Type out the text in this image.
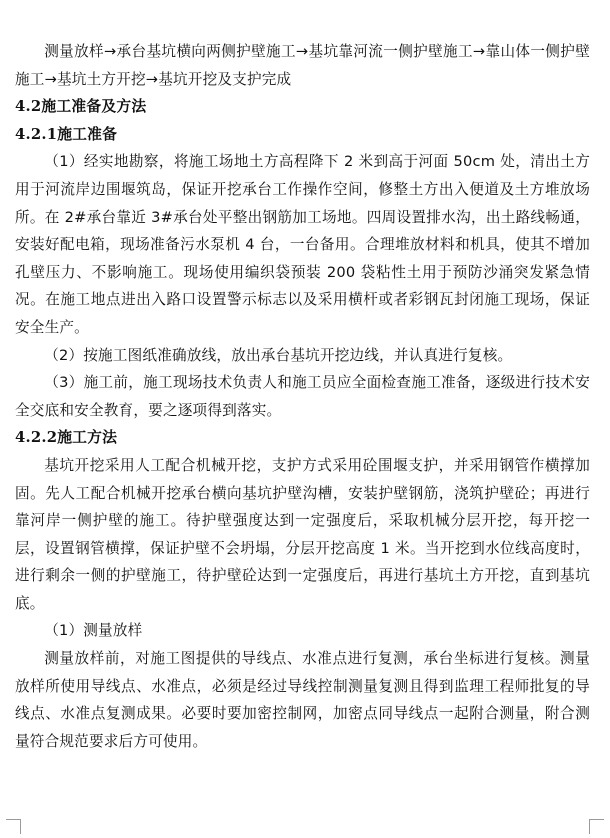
测量放样→承台基坑横向两侧护壁施工→基坑靠河流一侧护壁施工→靠山体一侧护壁施工→基坑土方开挖→基坑开挖及支护完成

4.2施工准备及方法

4.2.1施工准备

（1）经实地勘察，将施工场地土方高程降下 2 米到高于河面 50cm 处，清出土方用于河流岸边围堰筑岛，保证开挖承台工作操作空间，修整土方出入便道及土方堆放场所。在 2#承台靠近 3#承台处平整出钢筋加工场地。四周设置排水沟，出土路线畅通，安装好配电箱，现场准备污水泵机 4 台，一台备用。合理堆放材料和机具，使其不增加孔壁压力、不影响施工。现场使用编织袋预装 200 袋粘性土用于预防沙涌突发紧急情况。在施工地点进出入路口设置警示标志以及采用横杆或者彩钢瓦封闭施工现场，保证安全生产。

（2）按施工图纸准确放线，放出承台基坑开挖边线，并认真进行复核。

（3）施工前，施工现场技术负责人和施工员应全面检查施工准备，逐级进行技术安全交底和安全教育，要之逐项得到落实。

4.2.2施工方法

基坑开挖采用人工配合机械开挖，支护方式采用砼围堰支护，并采用钢管作横撑加固。先人工配合机械开挖承台横向基坑护壁沟槽，安装护壁钢筋，浇筑护壁砼；再进行靠河岸一侧护壁的施工。待护壁强度达到一定强度后，采取机械分层开挖，每开挖一层，设置钢管横撑，保证护壁不会坍塌，分层开挖高度 1 米。当开挖到水位线高度时，进行剩余一侧的护壁施工，待护壁砼达到一定强度后，再进行基坑土方开挖，直到基坑底。

（1）测量放样

测量放样前，对施工图提供的导线点、水准点进行复测，承台坐标进行复核。测量放样所使用导线点、水准点，必须是经过导线控制测量复测且得到监理工程师批复的导线点、水准点复测成果。必要时要加密控制网，加密点同导线点一起附合测量，附合测量符合规范要求后方可使用。
